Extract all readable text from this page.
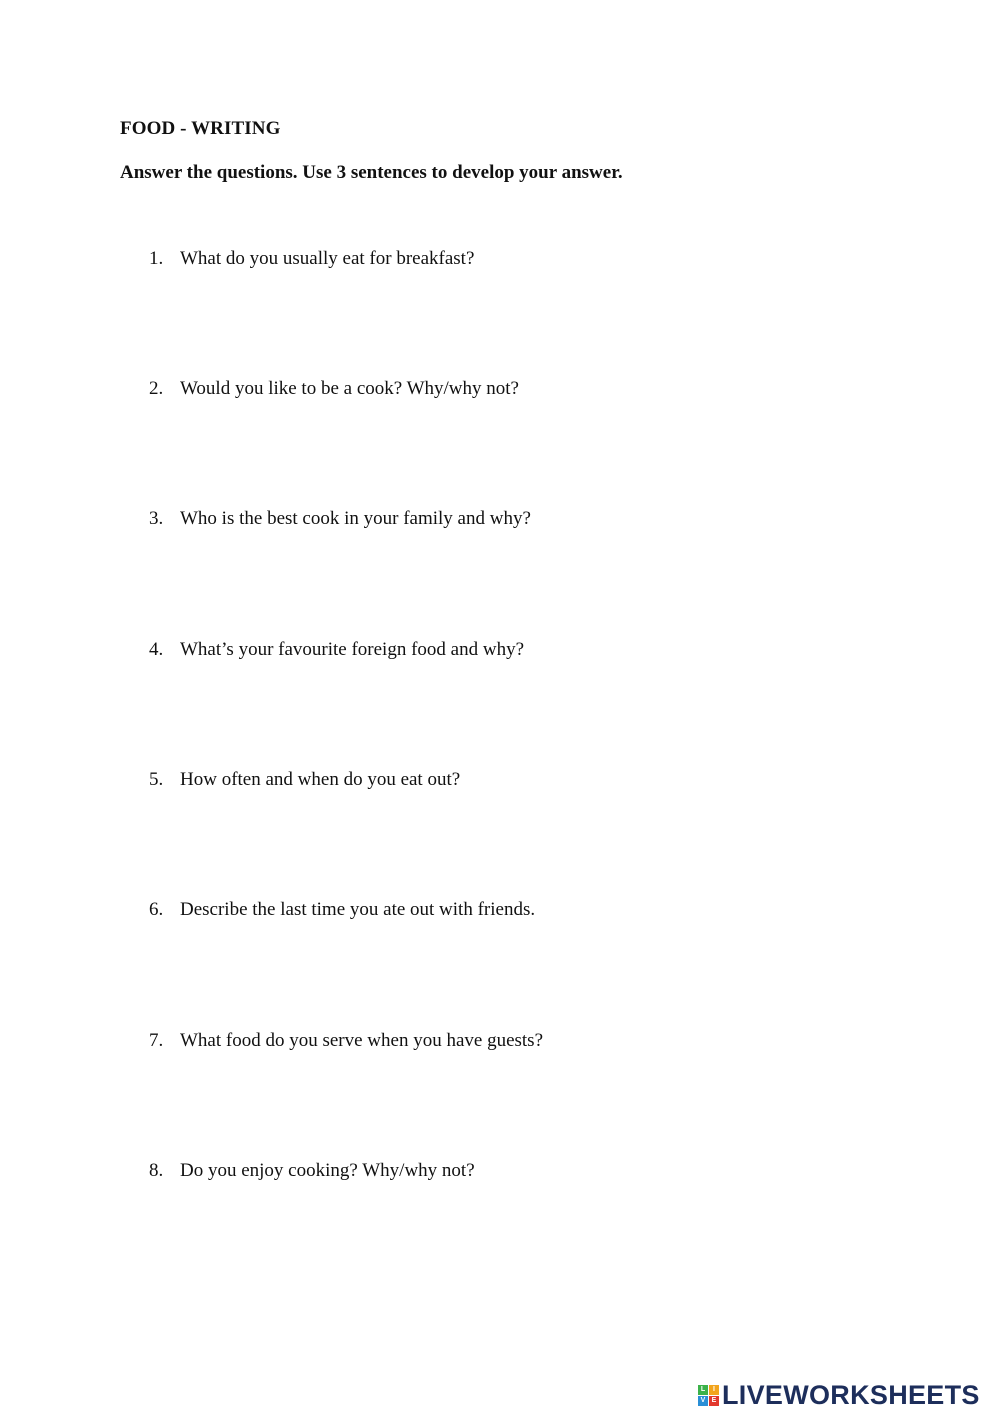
FOOD - WRITING
Answer the questions. Use 3 sentences to develop your answer.
1. What do you usually eat for breakfast?
2. Would you like to be a cook? Why/why not?
3. Who is the best cook in your family and why?
4. What’s your favourite foreign food and why?
5. How often and when do you eat out?
6. Describe the last time you ate out with friends.
7. What food do you serve when you have guests?
8. Do you enjoy cooking? Why/why not?
L	I
V E LIVEWORKSHEETS
